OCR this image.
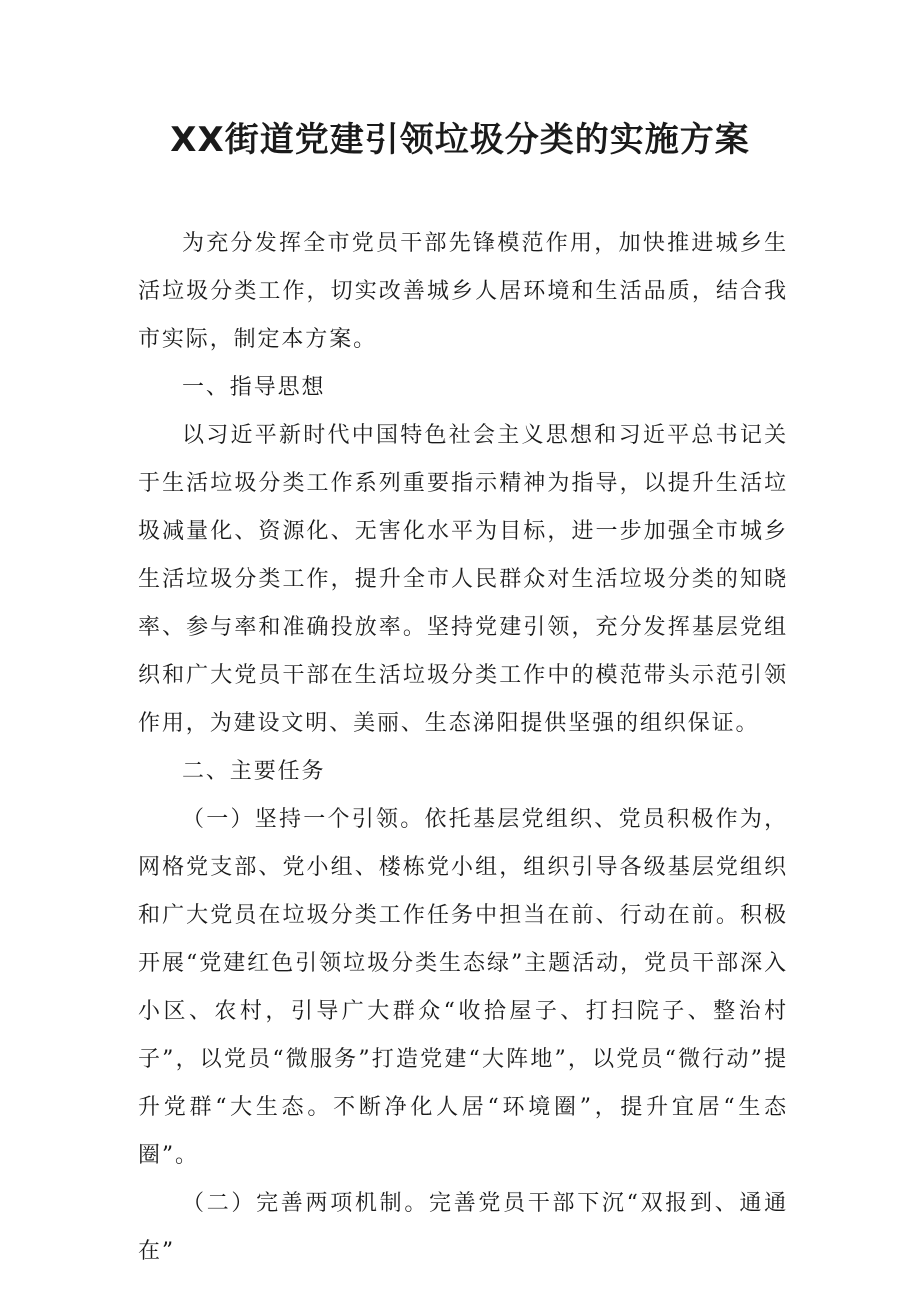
XX街道党建引领垃圾分类的实施方案

为充分发挥全市党员干部先锋模范作用，加快推进城乡生活垃圾分类工作，切实改善城乡人居环境和生活品质，结合我市实际，制定本方案。

一、指导思想

以习近平新时代中国特色社会主义思想和习近平总书记关于生活垃圾分类工作系列重要指示精神为指导，以提升生活垃圾减量化、资源化、无害化水平为目标，进一步加强全市城乡生活垃圾分类工作，提升全市人民群众对生活垃圾分类的知晓率、参与率和准确投放率。坚持党建引领，充分发挥基层党组织和广大党员干部在生活垃圾分类工作中的模范带头示范引领作用，为建设文明、美丽、生态涕阳提供坚强的组织保证。

二、主要任务

（一）坚持一个引领。依托基层党组织、党员积极作为，网格党支部、党小组、楼栋党小组，组织引导各级基层党组织和广大党员在垃圾分类工作任务中担当在前、行动在前。积极开展“党建红色引领垃圾分类生态绿”主题活动，党员干部深入小区、农村，引导广大群众“收拾屋子、打扫院子、整治村子”，以党员“微服务”打造党建“大阵地”，以党员“微行动”提升党群“大生态。不断净化人居“环境圈”，提升宜居“生态圈”。

（二）完善两项机制。完善党员干部下沉“双报到、通通在”
